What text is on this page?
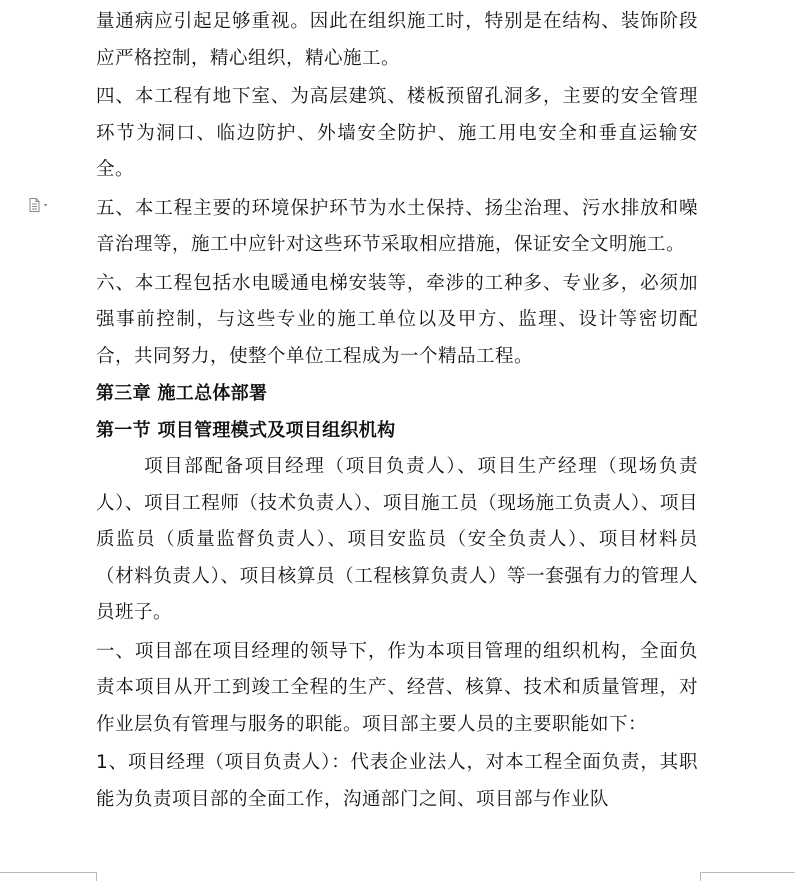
量通病应引起足够重视。因此在组织施工时，特别是在结构、装饰阶段应严格控制，精心组织，精心施工。

四、本工程有地下室、为高层建筑、楼板预留孔洞多，主要的安全管理环节为洞口、临边防护、外墙安全防护、施工用电安全和垂直运输安全。

五、本工程主要的环境保护环节为水土保持、扬尘治理、污水排放和噪音治理等，施工中应针对这些环节采取相应措施，保证安全文明施工。

六、本工程包括水电暖通电梯安装等，牵涉的工种多、专业多，必须加强事前控制，与这些专业的施工单位以及甲方、监理、设计等密切配合，共同努力，使整个单位工程成为一个精品工程。

第三章 施工总体部署
第一节 项目管理模式及项目组织机构

项目部配备项目经理（项目负责人）、项目生产经理（现场负责人）、项目工程师（技术负责人）、项目施工员（现场施工负责人）、项目质监员（质量监督负责人）、项目安监员（安全负责人）、项目材料员（材料负责人）、项目核算员（工程核算负责人）等一套强有力的管理人员班子。

一、项目部在项目经理的领导下，作为本项目管理的组织机构，全面负责本项目从开工到竣工全程的生产、经营、核算、技术和质量管理，对作业层负有管理与服务的职能。项目部主要人员的主要职能如下：

1、项目经理（项目负责人）：代表企业法人，对本工程全面负责，其职能为负责项目部的全面工作，沟通部门之间、项目部与作业队
